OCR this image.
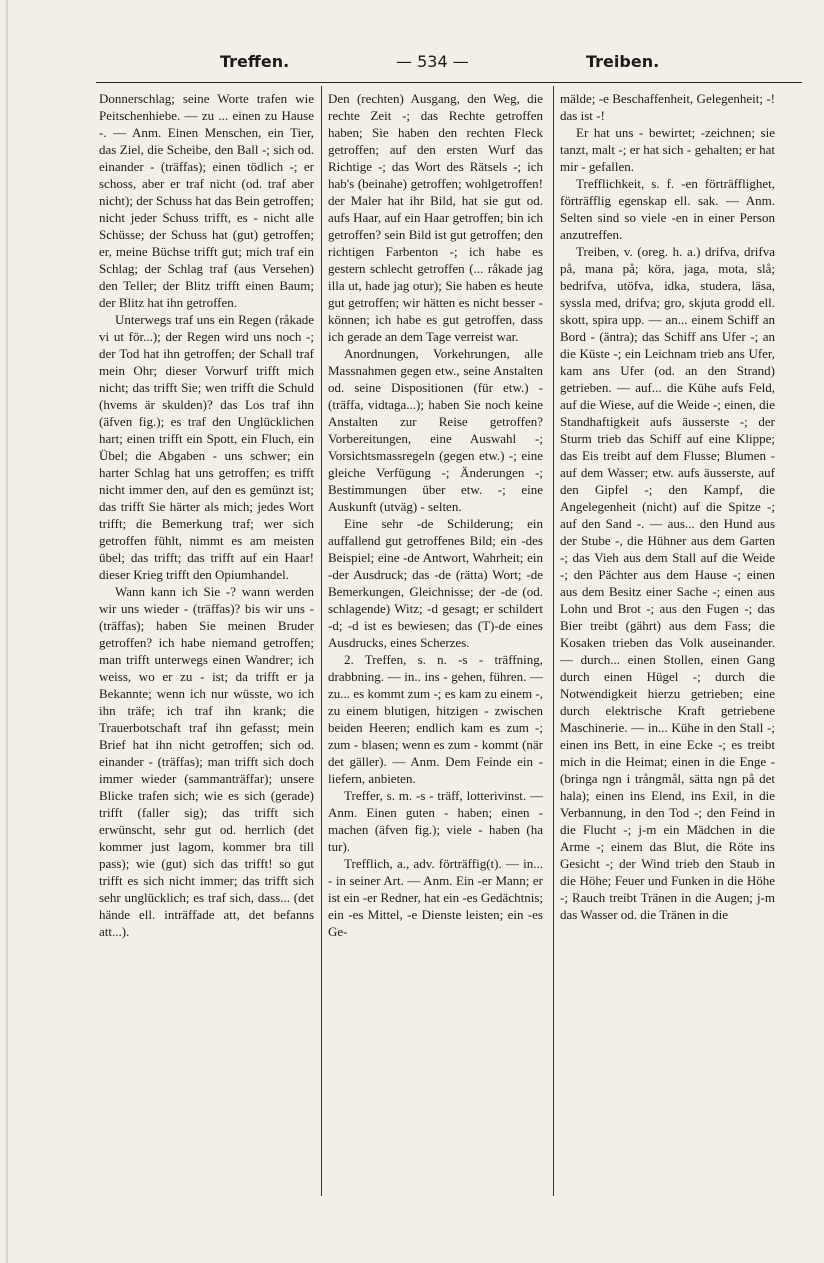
Treffen.	— 534 —	Treiben.

Donnerschlag; seine Worte trafen wie Peitschenhiebe. — zu ... einen zu Hause -. — Anm. Einen Menschen, ein Tier, das Ziel, die Scheibe, den Ball -; sich od. einander - (träffas); einen tödlich -; er schoss, aber er traf nicht (od. traf aber nicht); der Schuss hat das Bein getroffen; nicht jeder Schuss trifft, es - nicht alle Schüsse; der Schuss hat (gut) getroffen; er, meine Büchse trifft gut; mich traf ein Schlag; der Schlag traf (aus Versehen) den Teller; der Blitz trifft einen Baum; der Blitz hat ihn getroffen.

Unterwegs traf uns ein Regen (råkade vi ut för...); der Regen wird uns noch -; der Tod hat ihn getroffen; der Schall traf mein Ohr; dieser Vorwurf trifft mich nicht; das trifft Sie; wen trifft die Schuld (hvems är skulden)? das Los traf ihn (äfven fig.); es traf den Unglücklichen hart; einen trifft ein Spott, ein Fluch, ein Übel; die Abgaben - uns schwer; ein harter Schlag hat uns getroffen; es trifft nicht immer den, auf den es gemünzt ist; das trifft Sie härter als mich; jedes Wort trifft; die Bemerkung traf; wer sich getroffen fühlt, nimmt es am meisten übel; das trifft; das trifft auf ein Haar! dieser Krieg trifft den Opiumhandel.

Wann kann ich Sie -? wann werden wir uns wieder - (träffas)? bis wir uns - (träffas); haben Sie meinen Bruder getroffen? ich habe niemand getroffen; man trifft unterwegs einen Wandrer; ich weiss, wo er zu - ist; da trifft er ja Bekannte; wenn ich nur wüsste, wo ich ihn träfe; ich traf ihn krank; die Trauerbotschaft traf ihn gefasst; mein Brief hat ihn nicht getroffen; sich od. einander - (träffas); man trifft sich doch immer wieder (sammanträffar); unsere Blicke trafen sich; wie es sich (gerade) trifft (faller sig); das trifft sich erwünscht, sehr gut od. herrlich (det kommer just lagom, kommer bra till pass); wie (gut) sich das trifft! so gut trifft es sich nicht immer; das trifft sich sehr unglücklich; es traf sich, dass... (det hände ell. inträffade att, det befanns att...).

Den (rechten) Ausgang, den Weg, die rechte Zeit -; das Rechte getroffen haben; Sie haben den rechten Fleck getroffen; auf den ersten Wurf das Richtige -; das Wort des Rätsels -; ich hab's (beinahe) getroffen; wohlgetroffen! der Maler hat ihr Bild, hat sie gut od. aufs Haar, auf ein Haar getroffen; bin ich getroffen? sein Bild ist gut getroffen; den richtigen Farbenton -; ich habe es gestern schlecht getroffen (... råkade jag illa ut, hade jag otur); Sie haben es heute gut getroffen; wir hätten es nicht besser - können; ich habe es gut getroffen, dass ich gerade an dem Tage verreist war.

Anordnungen, Vorkehrungen, alle Massnahmen gegen etw., seine Anstalten od. seine Dispositionen (für etw.) - (träffa, vidtaga...); haben Sie noch keine Anstalten zur Reise getroffen? Vorbereitungen, eine Auswahl -; Vorsichtsmassregeln (gegen etw.) -; eine gleiche Verfügung -; Änderungen -; Bestimmungen über etw. -; eine Auskunft (utväg) - selten.

Eine sehr -de Schilderung; ein auffallend gut getroffenes Bild; ein -des Beispiel; eine -de Antwort, Wahrheit; ein -der Ausdruck; das -de (rätta) Wort; -de Bemerkungen, Gleichnisse; der -de (od. schlagende) Witz; -d gesagt; er schildert -d; -d ist es bewiesen; das (T)-de eines Ausdrucks, eines Scherzes.

2. Treffen, s. n. -s - träffning, drabbning. — in.. ins - gehen, führen. — zu... es kommt zum -; es kam zu einem -, zu einem blutigen, hitzigen - zwischen beiden Heeren; endlich kam es zum -; zum - blasen; wenn es zum - kommt (när det gäller). — Anm. Dem Feinde ein - liefern, anbieten.

Treffer, s. m. -s - träff, lotterivinst. — Anm. Einen guten - haben; einen - machen (äfven fig.); viele - haben (ha tur).

Trefflich, a., adv. förträffig(t). — in... - in seiner Art. — Anm. Ein -er Mann; er ist ein -er Redner, hat ein -es Gedächtnis; ein -es Mittel, -e Dienste leisten; ein -es Ge-

mälde; -e Beschaffenheit, Gelegenheit; -! das ist -!

Er hat uns - bewirtet; -zeichnen; sie tanzt, malt -; er hat sich - gehalten; er hat mir - gefallen.

Trefflichkeit, s. f. -en förträfflighet, förträfflig egenskap ell. sak. — Anm. Selten sind so viele -en in einer Person anzutreffen.

Treiben, v. (oreg. h. a.) drifva, drifva på, mana på; köra, jaga, mota, slå; bedrifva, utöfva, idka, studera, läsa, syssla med, drifva; gro, skjuta grodd ell. skott, spira upp. — an... einem Schiff an Bord - (äntra); das Schiff ans Ufer -; an die Küste -; ein Leichnam trieb ans Ufer, kam ans Ufer (od. an den Strand) getrieben. — auf... die Kühe aufs Feld, auf die Wiese, auf die Weide -; einen, die Standhaftigkeit aufs äusserste -; der Sturm trieb das Schiff auf eine Klippe; das Eis treibt auf dem Flusse; Blumen - auf dem Wasser; etw. aufs äusserste, auf den Gipfel -; den Kampf, die Angelegenheit (nicht) auf die Spitze -; auf den Sand -. — aus... den Hund aus der Stube -, die Hühner aus dem Garten -; das Vieh aus dem Stall auf die Weide -; den Pächter aus dem Hause -; einen aus dem Besitz einer Sache -; einen aus Lohn und Brot -; aus den Fugen -; das Bier treibt (gährt) aus dem Fass; die Kosaken trieben das Volk auseinander. — durch... einen Stollen, einen Gang durch einen Hügel -; durch die Notwendigkeit hierzu getrieben; eine durch elektrische Kraft getriebene Maschinerie. — in... Kühe in den Stall -; einen ins Bett, in eine Ecke -; es treibt mich in die Heimat; einen in die Enge - (bringa ngn i trångmål, sätta ngn på det hala); einen ins Elend, ins Exil, in die Verbannung, in den Tod -; den Feind in die Flucht -; j-m ein Mädchen in die Arme -; einem das Blut, die Röte ins Gesicht -; der Wind trieb den Staub in die Höhe; Feuer und Funken in die Höhe -; Rauch treibt Tränen in die Augen; j-m das Wasser od. die Tränen in die
